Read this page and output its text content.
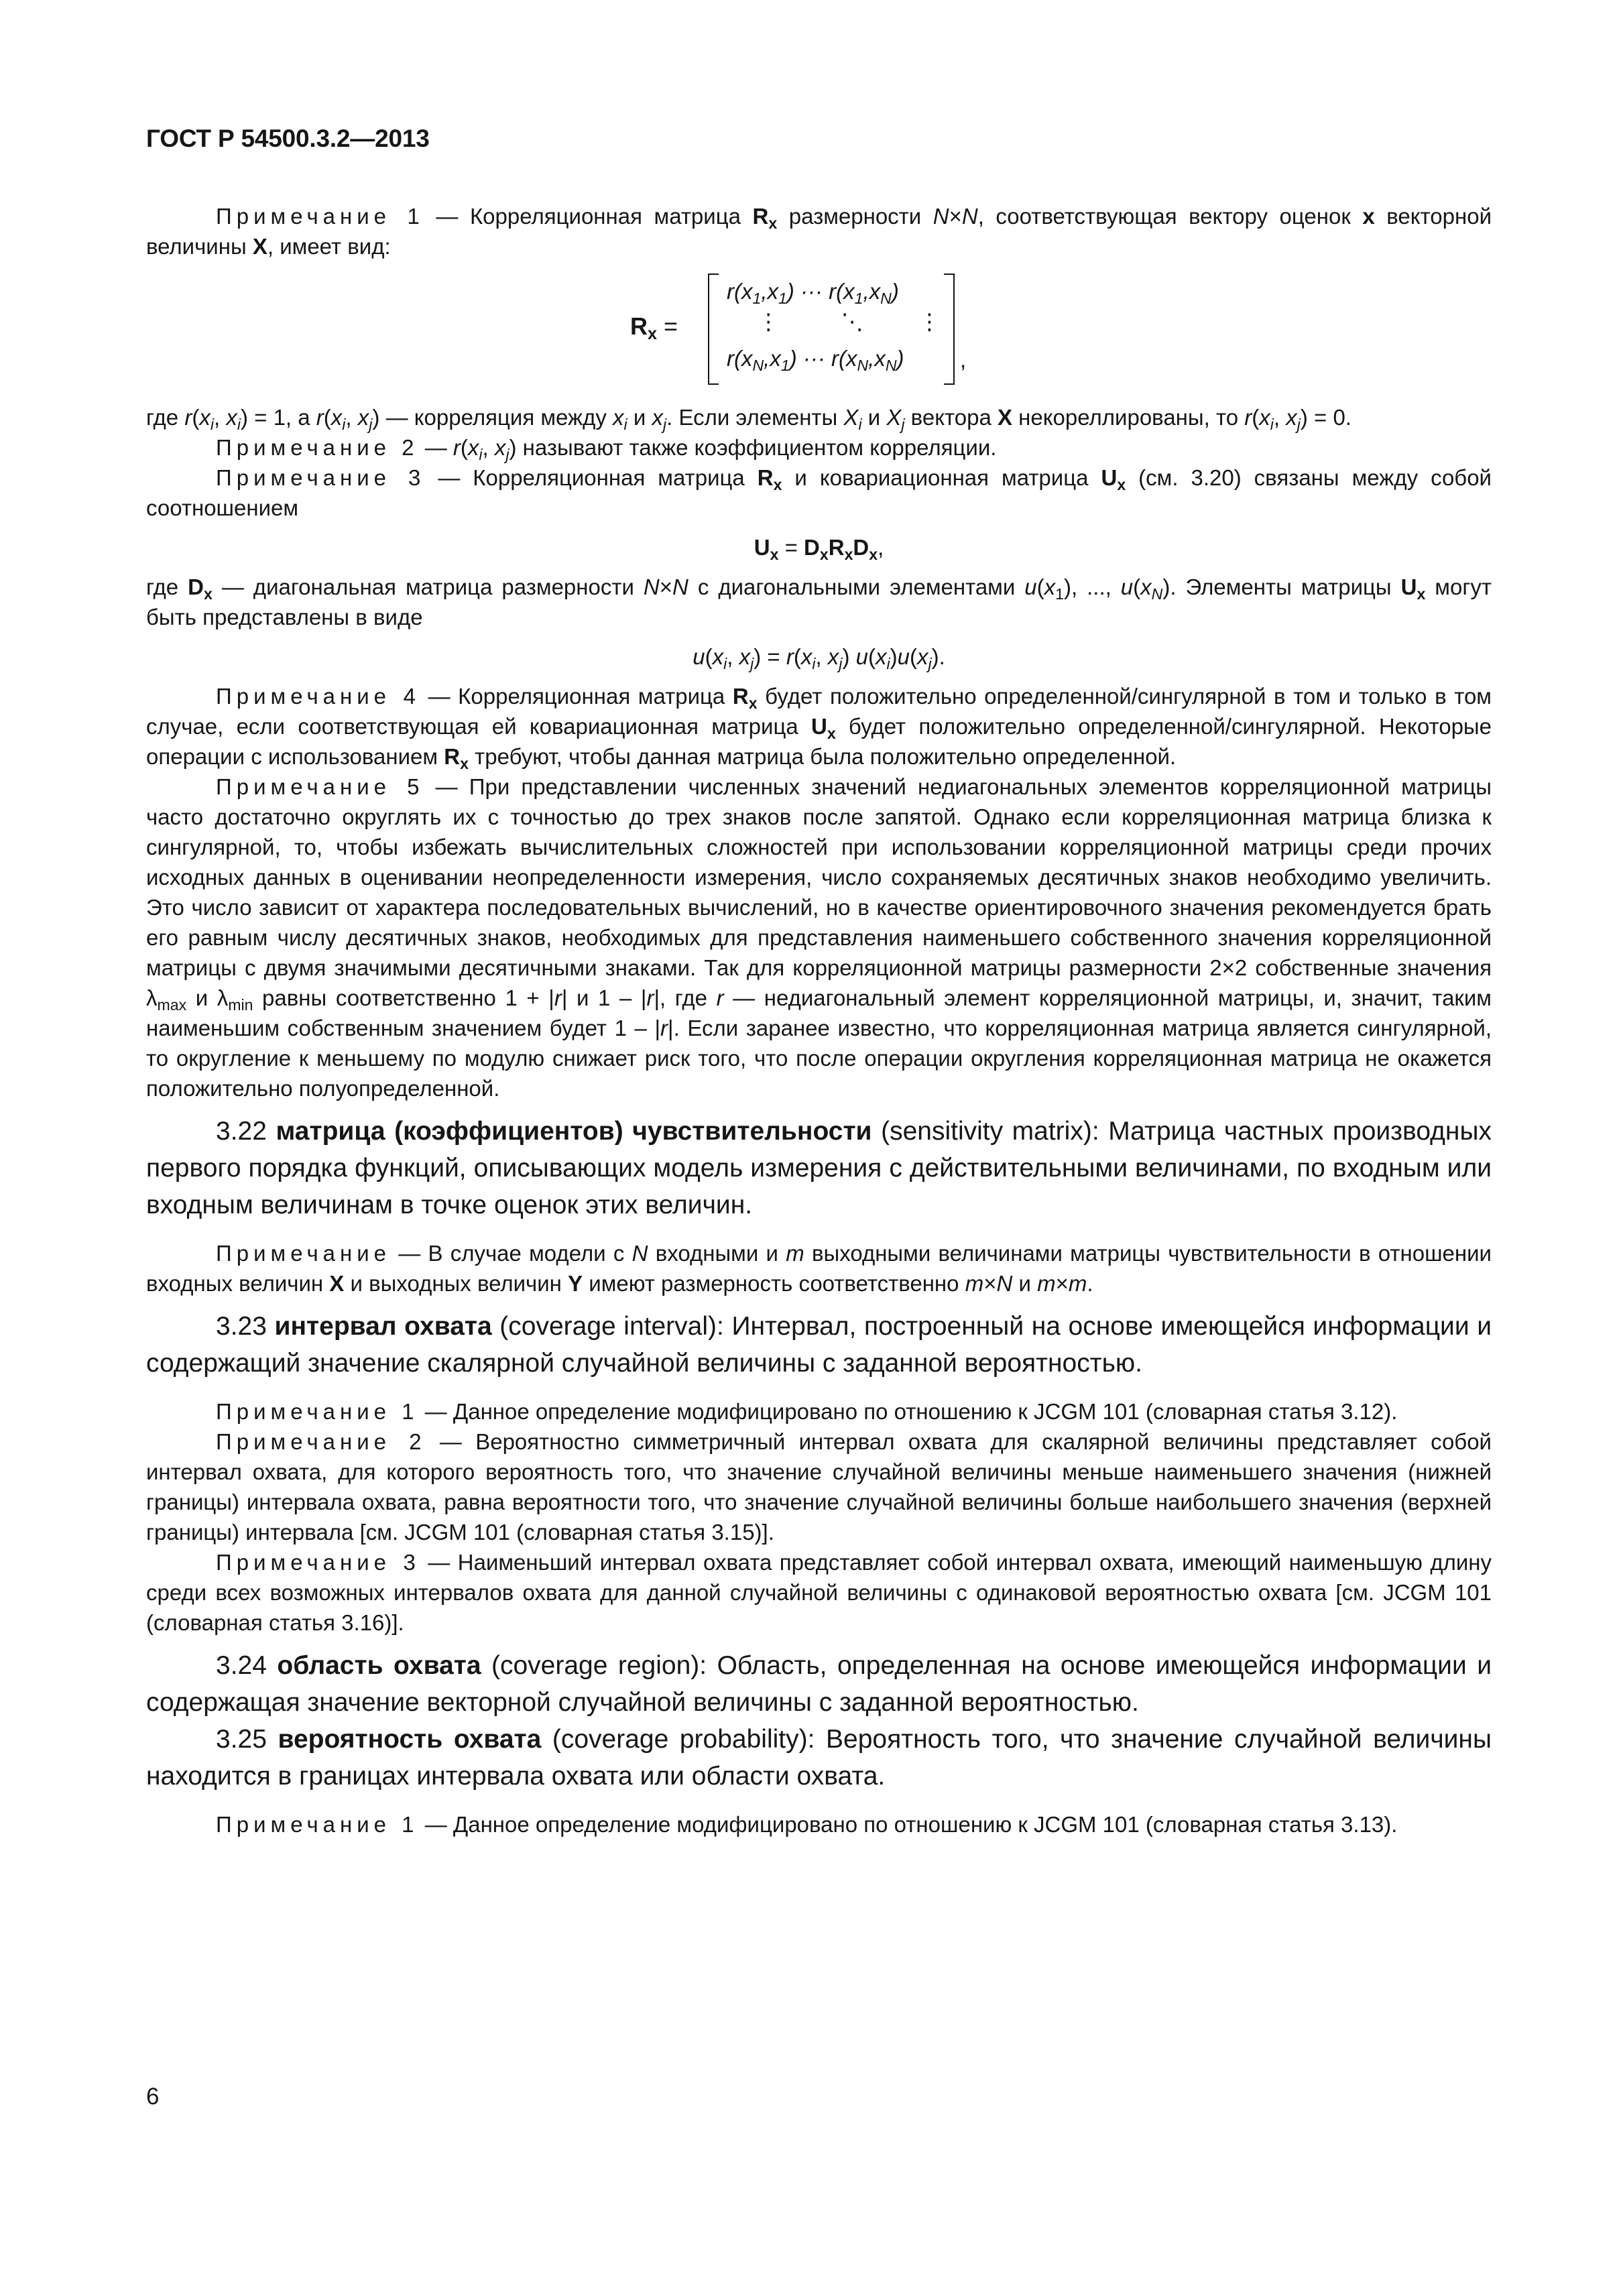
ГОСТ Р 54500.3.2—2013

Примечание 1 — Корреляционная матрица $R_x$ размерности N×N, соответствующая вектору оценок x векторной величины X, имеет вид:

$R_x$ =
$r(x_1,x_1)$ ··· $r(x_1,x_N)$
⋮          ⋱         ⋮
$r(x_N,x_1)$ ··· $r(x_N,x_N)$	,

где $r(x_i$, $x_i) = 1$, а $r(x_i$, $x_j$) — корреляция между $x_i$ и $x_j$. Если элементы $X_i$ и $X_j$ вектора X некореллированы, то $r(x_i$, $x_j) = 0$.

Примечание 2 — $r(x_i$, $x_j$) называют также коэффициентом корреляции.

Примечание 3 — Корреляционная матрица $R_x$ и ковариационная матрица $U_x$ (см. 3.20) связаны между собой соотношением

$U_x = D_xR_xD_x$,

где $D_x$ — диагональная матрица размерности N×N с диагональными элементами $u(x_1)$, ..., $u(x_N)$. Элементы матрицы $U_x$ могут быть представлены в виде

$u(x_i$, $x_j) = r(x_i$, $x_j$) $u(x_i)u(x_j)$.

Примечание 4 — Корреляционная матрица $R_x$ будет положительно определенной/сингулярной в том и только в том случае, если соответствующая ей ковариационная матрица $U_x$ будет положительно определенной/сингулярной. Некоторые операции с использованием $R_x$ требуют, чтобы данная матрица была положительно определенной.

Примечание 5 — При представлении численных значений недиагональных элементов корреляционной матрицы часто достаточно округлять их с точностью до трех знаков после запятой. Однако если корреляционная матрица близка к сингулярной, то, чтобы избежать вычислительных сложностей при использовании корреляционной матрицы среди прочих исходных данных в оценивании неопределенности измерения, число сохраняемых десятичных знаков необходимо увеличить. Это число зависит от характера последовательных вычислений, но в качестве ориентировочного значения рекомендуется брать его равным числу десятичных знаков, необходимых для представления наименьшего собственного значения корреляционной матрицы с двумя значимыми десятичными знаками. Так для корреляционной матрицы размерности 2×2 собственные значения $\lambda_{max}$ и $\lambda_{min}$ равны соответственно 1 + |r| и 1 – |r|, где r — недиагональный элемент корреляционной матрицы, и, значит, таким наименьшим собственным значением будет 1 – |r|. Если заранее известно, что корреляционная матрица является сингулярной, то округление к меньшему по модулю снижает риск того, что после операции округления корреляционная матрица не окажется положительно полуопределенной.

3.22 матрица (коэффициентов) чувствительности (sensitivity matrix): Матрица частных производных первого порядка функций, описывающих модель измерения с действительными величинами, по входным или входным величинам в точке оценок этих величин.

Примечание — В случае модели с N входными и m выходными величинами матрицы чувствительности в отношении входных величин X и выходных величин Y имеют размерность соответственно m×N и m×m.

3.23 интервал охвата (coverage interval): Интервал, построенный на основе имеющейся информации и содержащий значение скалярной случайной величины с заданной вероятностью.

Примечание 1 — Данное определение модифицировано по отношению к JCGM 101 (словарная статья 3.12).

Примечание 2 — Вероятностно симметричный интервал охвата для скалярной величины представляет собой интервал охвата, для которого вероятность того, что значение случайной величины меньше наименьшего значения (нижней границы) интервала охвата, равна вероятности того, что значение случайной величины больше наибольшего значения (верхней границы) интервала [см. JCGM 101 (словарная статья 3.15)].

Примечание 3 — Наименьший интервал охвата представляет собой интервал охвата, имеющий наименьшую длину среди всех возможных интервалов охвата для данной случайной величины с одинаковой вероятностью охвата [см. JCGM 101 (словарная статья 3.16)].

3.24 область охвата (coverage region): Область, определенная на основе имеющейся информации и содержащая значение векторной случайной величины с заданной вероятностью.

3.25 вероятность охвата (coverage probability): Вероятность того, что значение случайной величины находится в границах интервала охвата или области охвата.

Примечание 1 — Данное определение модифицировано по отношению к JCGM 101 (словарная статья 3.13).

6
